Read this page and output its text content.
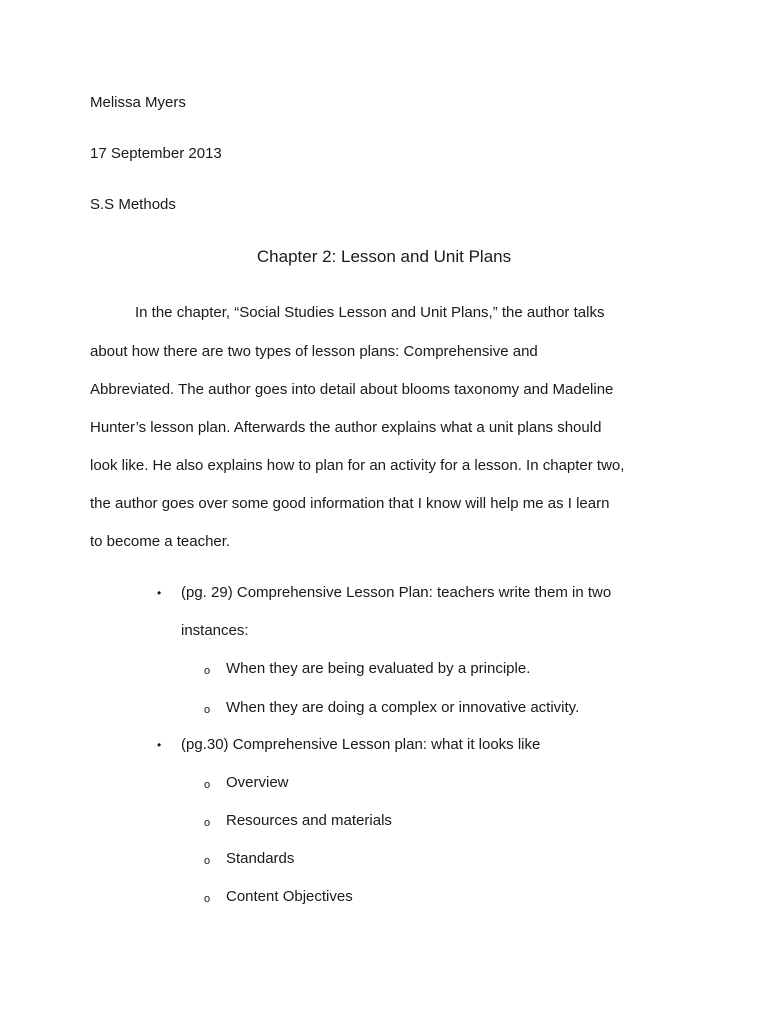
Melissa Myers
17 September 2013
S.S Methods
Chapter 2: Lesson and Unit Plans
In the chapter, “Social Studies Lesson and Unit Plans,” the author talks
about how there are two types of lesson plans: Comprehensive and
Abbreviated. The author goes into detail about blooms taxonomy and Madeline
Hunter’s lesson plan. Afterwards the author explains what a unit plans should
look like. He also explains how to plan for an activity for a lesson. In chapter two,
the author goes over some good information that I know will help me as I learn
to become a teacher.
• (pg. 29) Comprehensive Lesson Plan: teachers write them in two
instances:
o When they are being evaluated by a principle.
o When they are doing a complex or innovative activity.
• (pg.30) Comprehensive Lesson plan: what it looks like
o Overview
o Resources and materials
o Standards
o Content Objectives
